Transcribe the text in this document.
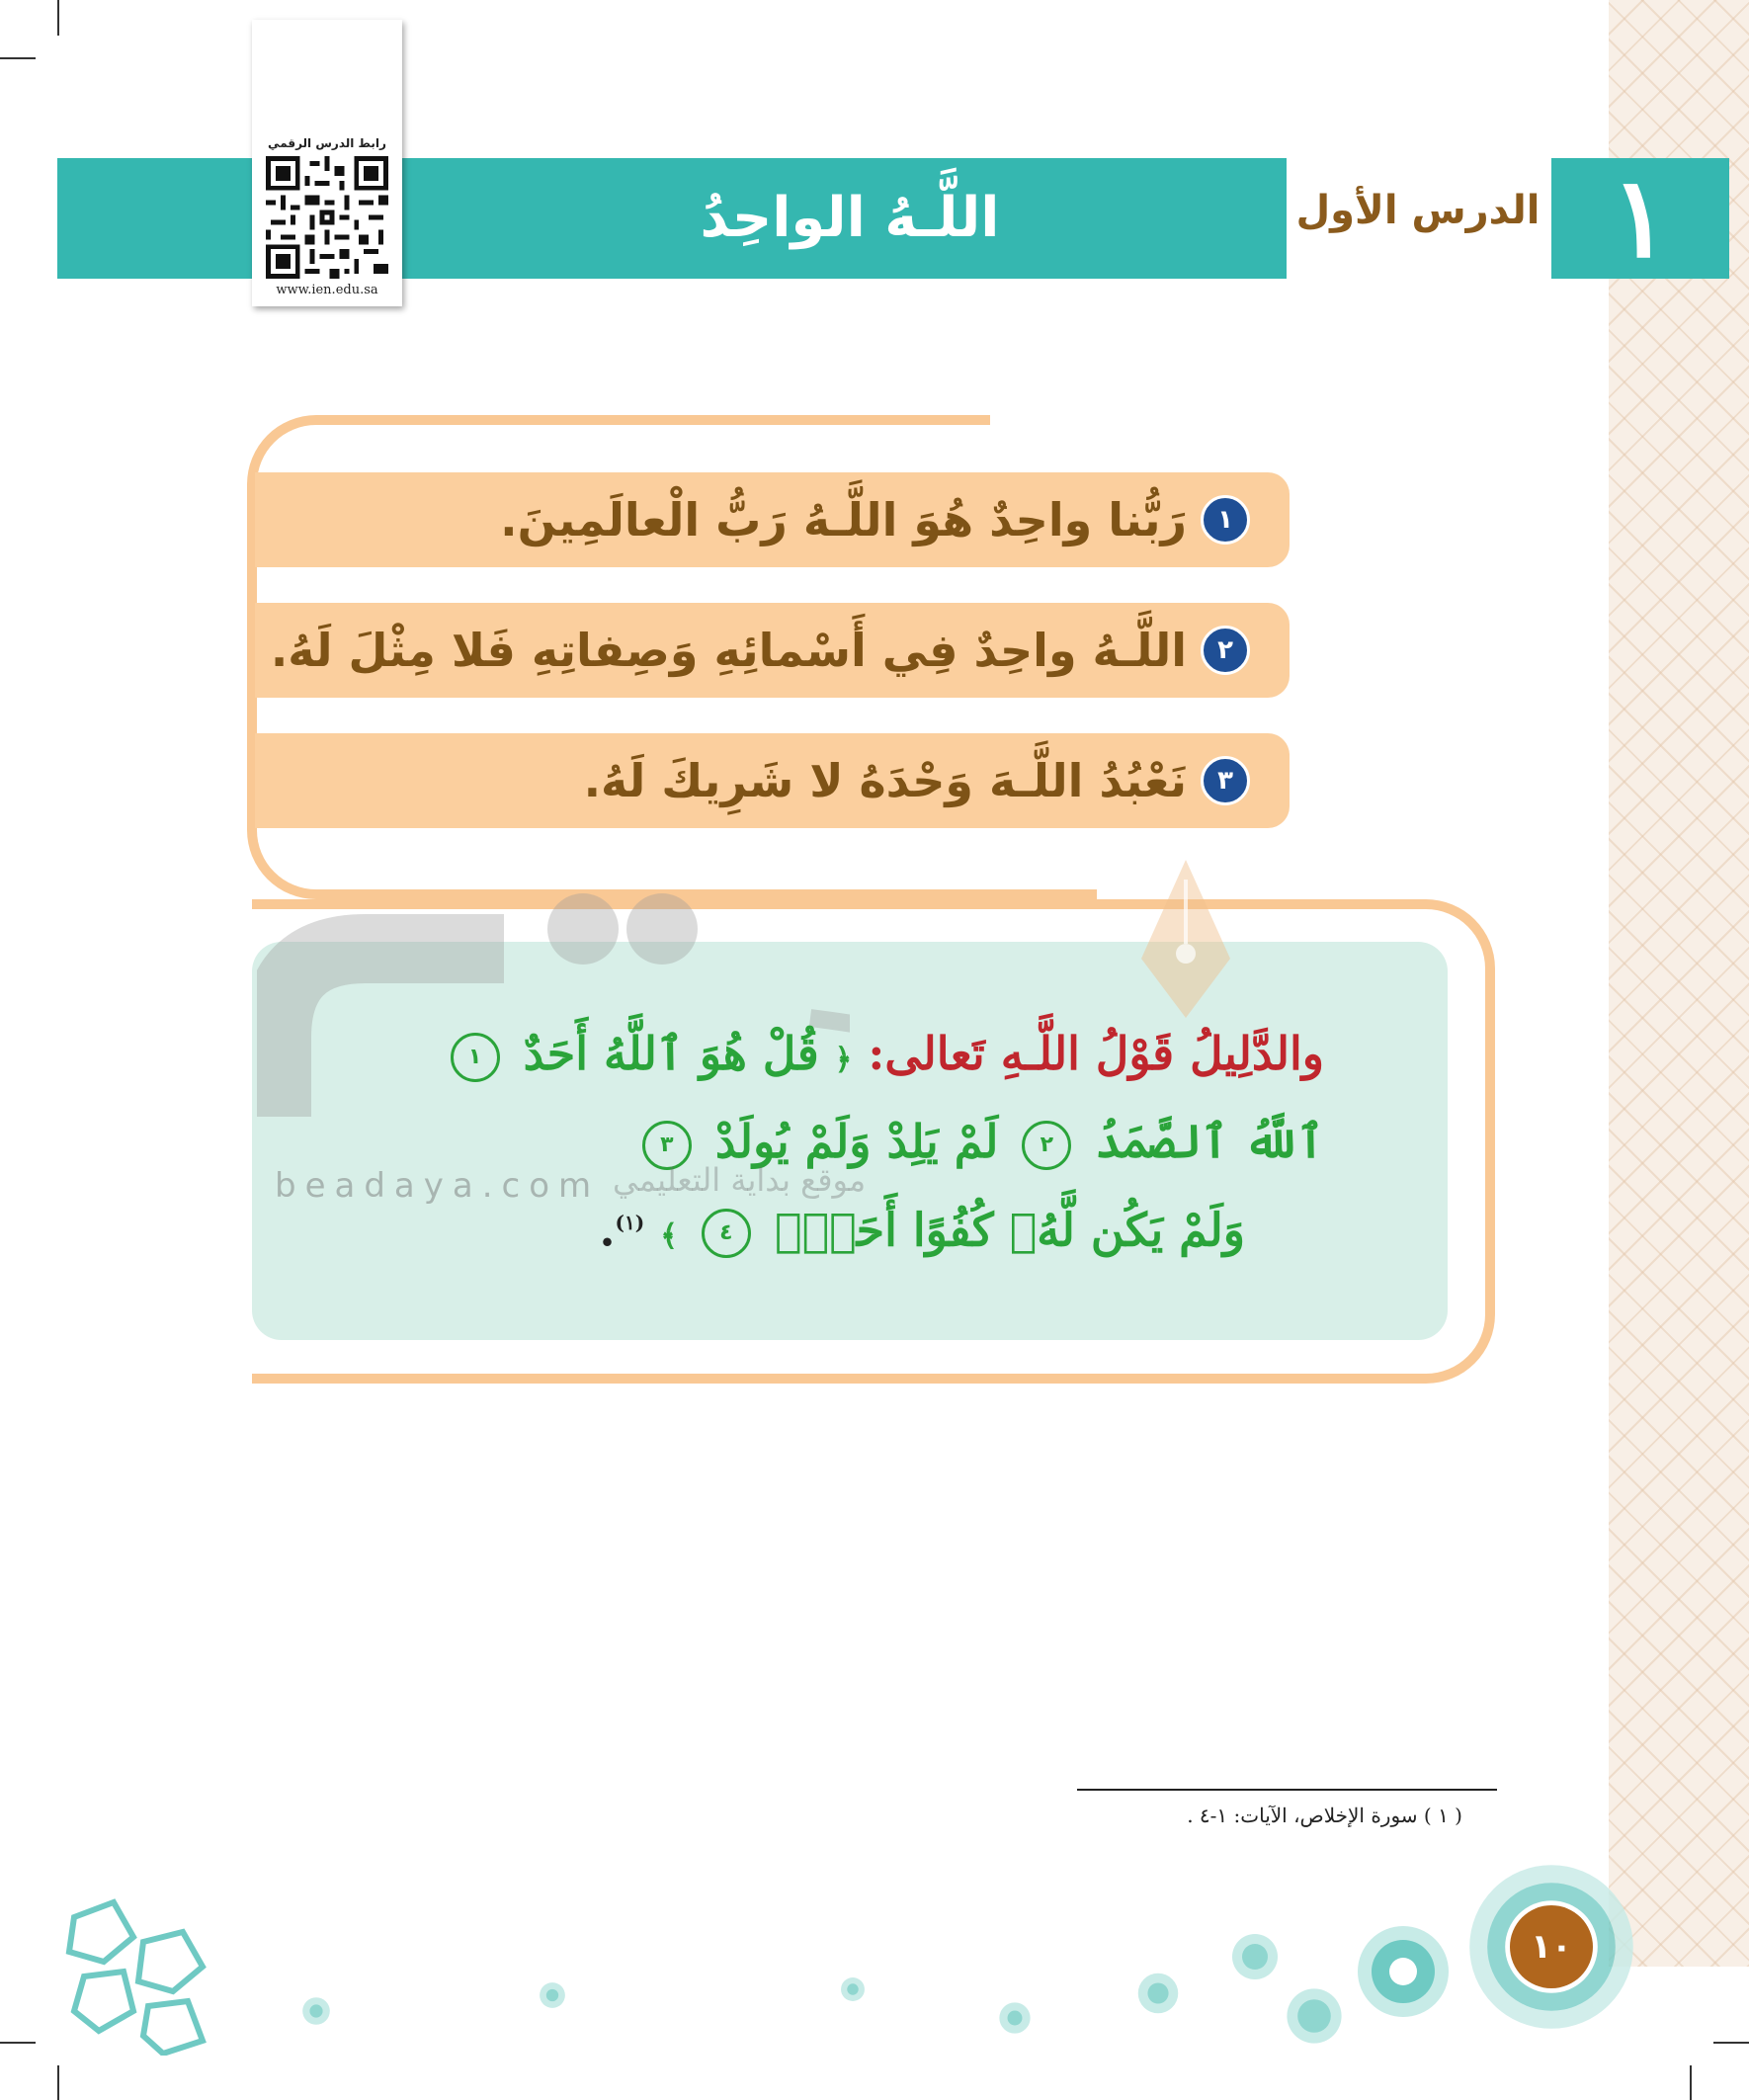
١
الدرس الأول
اللَّـهُ الواحِدُ
رابط الدرس الرقمي
www.ien.edu.sa
١
رَبُّنا واحِدٌ هُوَ اللَّـهُ رَبُّ الْعالَمِينَ.
٢
اللَّـهُ واحِدٌ فِي أَسْمائِهِ وَصِفاتِهِ فَلا مِثْلَ لَهُ.
٣
نَعْبُدُ اللَّـهَ وَحْدَهُ لا شَرِيكَ لَهُ.
والدَّلِيلُ قَوْلُ اللَّـهِ تَعالى: ﴿ قُلْ هُوَ ٱللَّهُ أَحَدٌ ١
ٱللَّهُ ٱلصَّمَدُ ٢ لَمْ يَلِدْ وَلَمْ يُولَدْ ٣
وَلَمْ يَكُن لَّهُۥ كُفُوًا أَحَدٌۢ ٤ ﴾ $^{(١)}$.
beadaya.com موقع بداية التعليمي
( ١ ) سورة الإخلاص، الآيات: ١-٤ .
١٠
